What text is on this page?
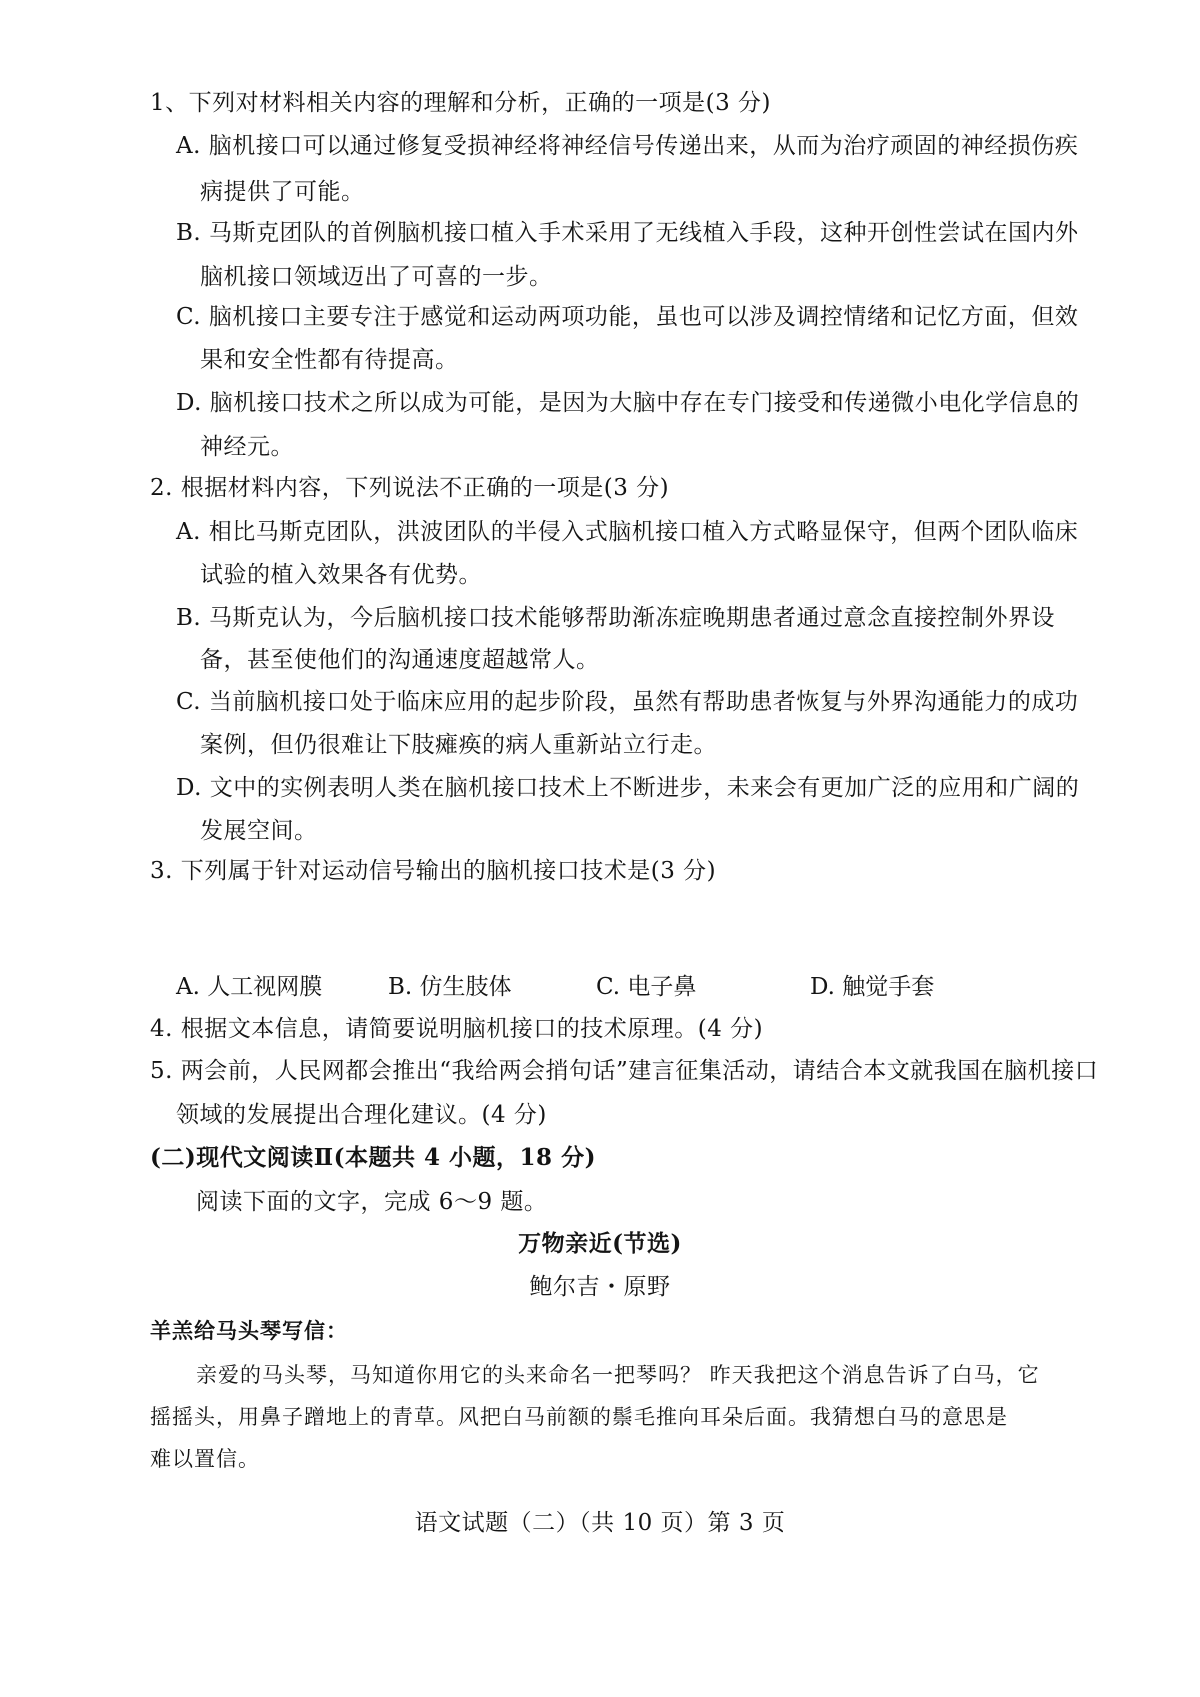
1、下列对材料相关内容的理解和分析，正确的一项是(3 分)
A. 脑机接口可以通过修复受损神经将神经信号传递出来，从而为治疗顽固的神经损伤疾
病提供了可能。
B. 马斯克团队的首例脑机接口植入手术采用了无线植入手段，这种开创性尝试在国内外
脑机接口领域迈出了可喜的一步。
C. 脑机接口主要专注于感觉和运动两项功能，虽也可以涉及调控情绪和记忆方面，但效
果和安全性都有待提高。
D. 脑机接口技术之所以成为可能，是因为大脑中存在专门接受和传递微小电化学信息的
神经元。
2. 根据材料内容，下列说法不正确的一项是(3 分)
A. 相比马斯克团队，洪波团队的半侵入式脑机接口植入方式略显保守，但两个团队临床
试验的植入效果各有优势。
B. 马斯克认为，今后脑机接口技术能够帮助渐冻症晚期患者通过意念直接控制外界设
备，甚至使他们的沟通速度超越常人。
C. 当前脑机接口处于临床应用的起步阶段，虽然有帮助患者恢复与外界沟通能力的成功
案例，但仍很难让下肢瘫痪的病人重新站立行走。
D. 文中的实例表明人类在脑机接口技术上不断进步，未来会有更加广泛的应用和广阔的
发展空间。
3. 下列属于针对运动信号输出的脑机接口技术是(3 分)
A. 人工视网膜	B. 仿生肢体	C. 电子鼻	D. 触觉手套
4. 根据文本信息，请简要说明脑机接口的技术原理。(4 分)
5. 两会前，人民网都会推出“我给两会捎句话”建言征集活动，请结合本文就我国在脑机接口
领域的发展提出合理化建议。(4 分)
(二)现代文阅读Ⅱ(本题共 4 小题，18 分)
阅读下面的文字，完成 6～9 题。
万物亲近(节选)
鲍尔吉・原野
羊羔给马头琴写信：
亲爱的马头琴，马知道你用它的头来命名一把琴吗？ 昨天我把这个消息告诉了白马，它
摇摇头，用鼻子蹭地上的青草。风把白马前额的鬃毛推向耳朵后面。我猜想白马的意思是
难以置信。
语文试题（二）（共 10 页）第 3 页
